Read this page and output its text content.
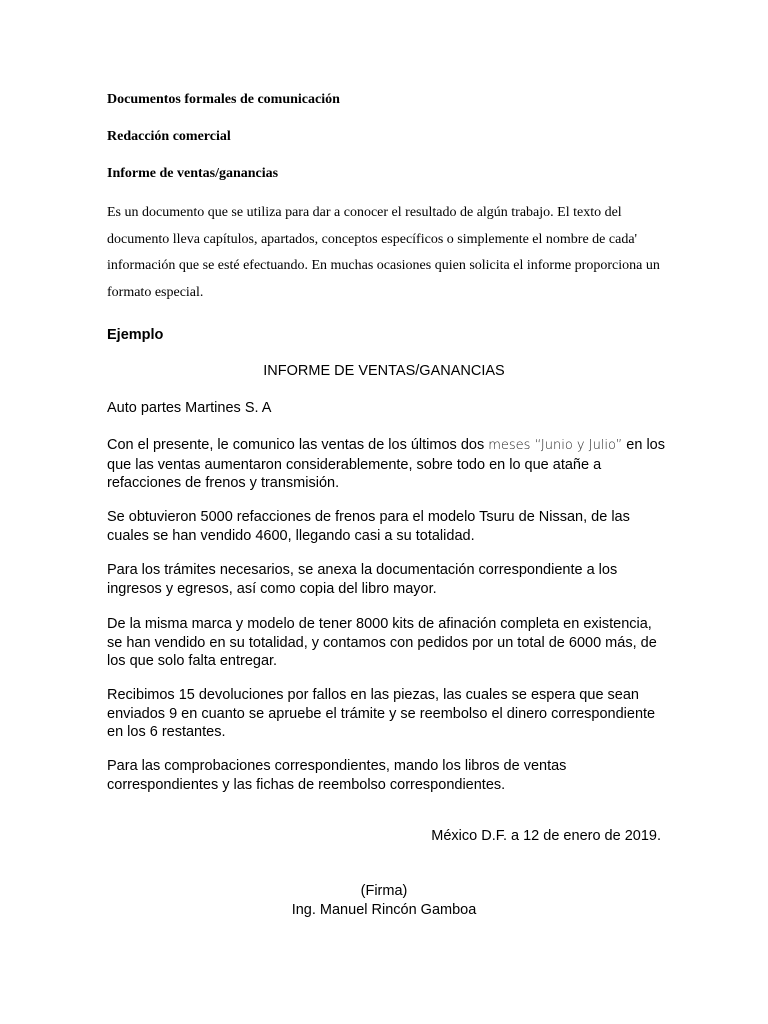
Documentos formales de comunicación
Redacción comercial
Informe de ventas/ganancias
Es un documento que se utiliza para dar a conocer el resultado de algún trabajo. El texto del documento lleva capítulos, apartados, conceptos específicos o simplemente el nombre de cada' información que se esté efectuando. En muchas ocasiones quien solicita el informe proporciona un formato especial.
Ejemplo
INFORME DE VENTAS/GANANCIAS
Auto partes Martines S. A
Con el presente, le comunico las ventas de los últimos dos meses “Junio y Julio” en los que las ventas aumentaron considerablemente, sobre todo en lo que atañe a refacciones de frenos y transmisión.
Se obtuvieron 5000 refacciones de frenos para el modelo Tsuru de Nissan, de las cuales se han vendido 4600, llegando casi a su totalidad.
Para los trámites necesarios, se anexa la documentación correspondiente a los ingresos y egresos, así como copia del libro mayor.
De la misma marca y modelo de tener 8000 kits de afinación completa en existencia, se han vendido en su totalidad, y contamos con pedidos por un total de 6000 más, de los que solo falta entregar.
Recibimos 15 devoluciones por fallos en las piezas, las cuales se espera que sean enviados 9 en cuanto se apruebe el trámite y se reembolso el dinero correspondiente en los 6 restantes.
Para las comprobaciones correspondientes, mando los libros de ventas correspondientes y las fichas de reembolso correspondientes.
México D.F. a 12 de enero de 2019.
(Firma)
Ing. Manuel Rincón Gamboa
